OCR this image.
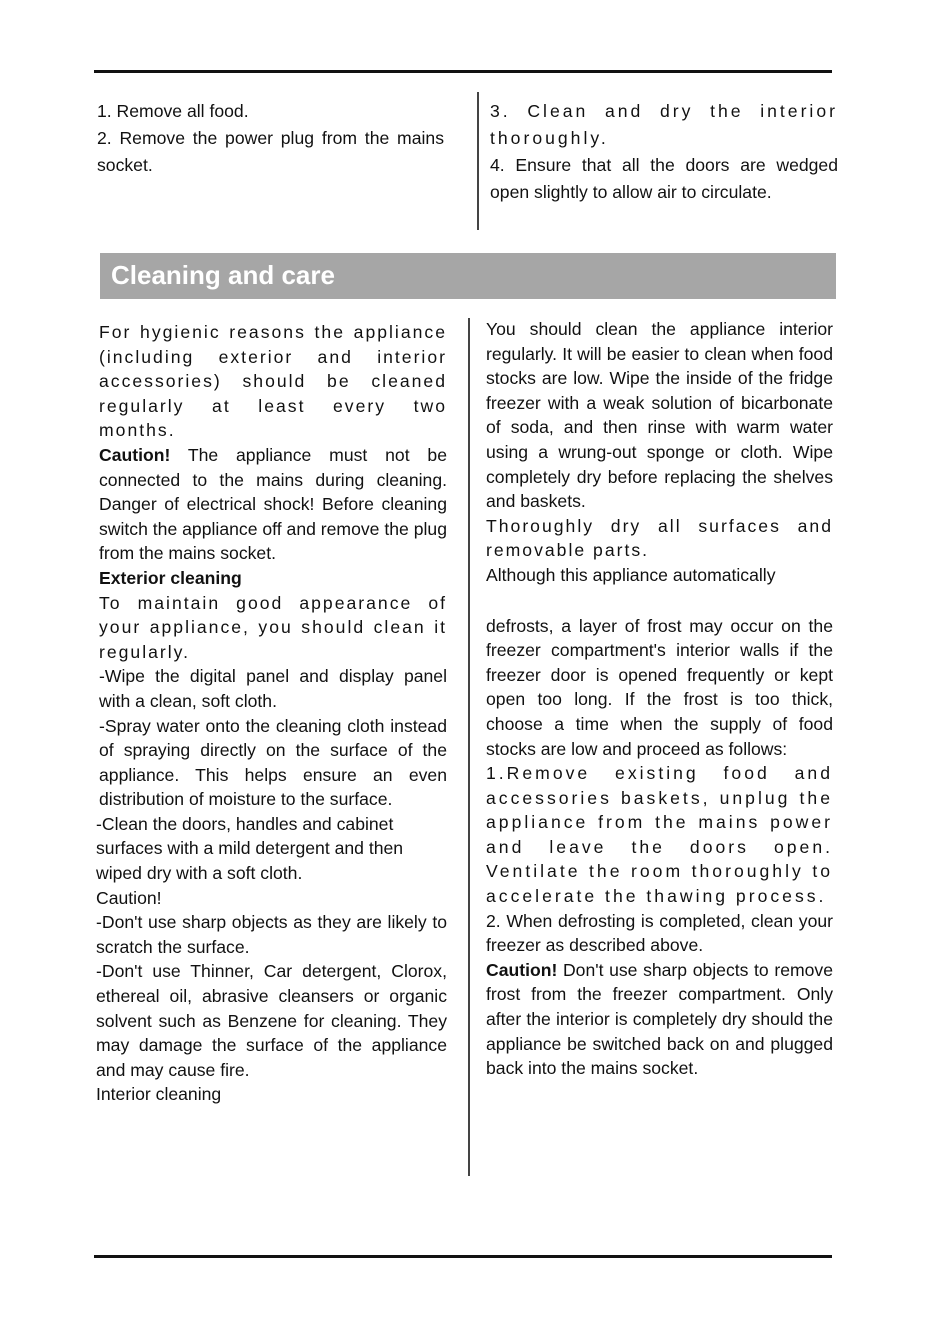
1. Remove all food.

2. Remove the power plug from the mains socket.

3. Clean and dry the interior thoroughly.

4. Ensure that all the doors are wedged open slightly to allow air to circulate.

Cleaning and care

For hygienic reasons the appliance (including exterior and interior accessories) should be cleaned regularly at least every two months.

Caution! The appliance must not be connected to the mains during cleaning. Danger of electrical shock! Before cleaning switch the appliance off and remove the plug from the mains socket.

Exterior cleaning

To maintain good appearance of your appliance, you should clean it regularly.

-Wipe the digital panel and display panel with a clean, soft cloth.

-Spray water onto the cleaning cloth instead of spraying directly on the surface of the appliance. This helps ensure an even distribution of moisture to the surface.

-Clean the doors, handles and cabinet surfaces with a mild detergent and then wiped dry with a soft cloth.

Caution!

-Don't use sharp objects as they are likely to scratch the surface.

-Don't use Thinner, Car detergent, Clorox, ethereal oil, abrasive cleansers or organic solvent such as Benzene for cleaning. They may damage the surface of the appliance and may cause fire.

Interior cleaning

You should clean the appliance interior regularly. It will be easier to clean when food stocks are low. Wipe the inside of the fridge freezer with a weak solution of bicarbonate of soda, and then rinse with warm water using a wrung-out sponge or cloth. Wipe completely dry before replacing the shelves and baskets.

Thoroughly dry all surfaces and removable parts.

Although this appliance automatically

defrosts, a layer of frost may occur on the freezer compartment's interior walls if the freezer door is opened frequently or kept open too long. If the frost is too thick, choose a time when the supply of food stocks are low and proceed as follows:

1.Remove existing food and accessories baskets, unplug the appliance from the mains power and leave the doors open. Ventilate the room thoroughly to accelerate the thawing process.

2. When defrosting is completed, clean your freezer as described above.

Caution! Don't use sharp objects to remove frost from the freezer compartment. Only after the interior is completely dry should the appliance be switched back on and plugged back into the mains socket.
